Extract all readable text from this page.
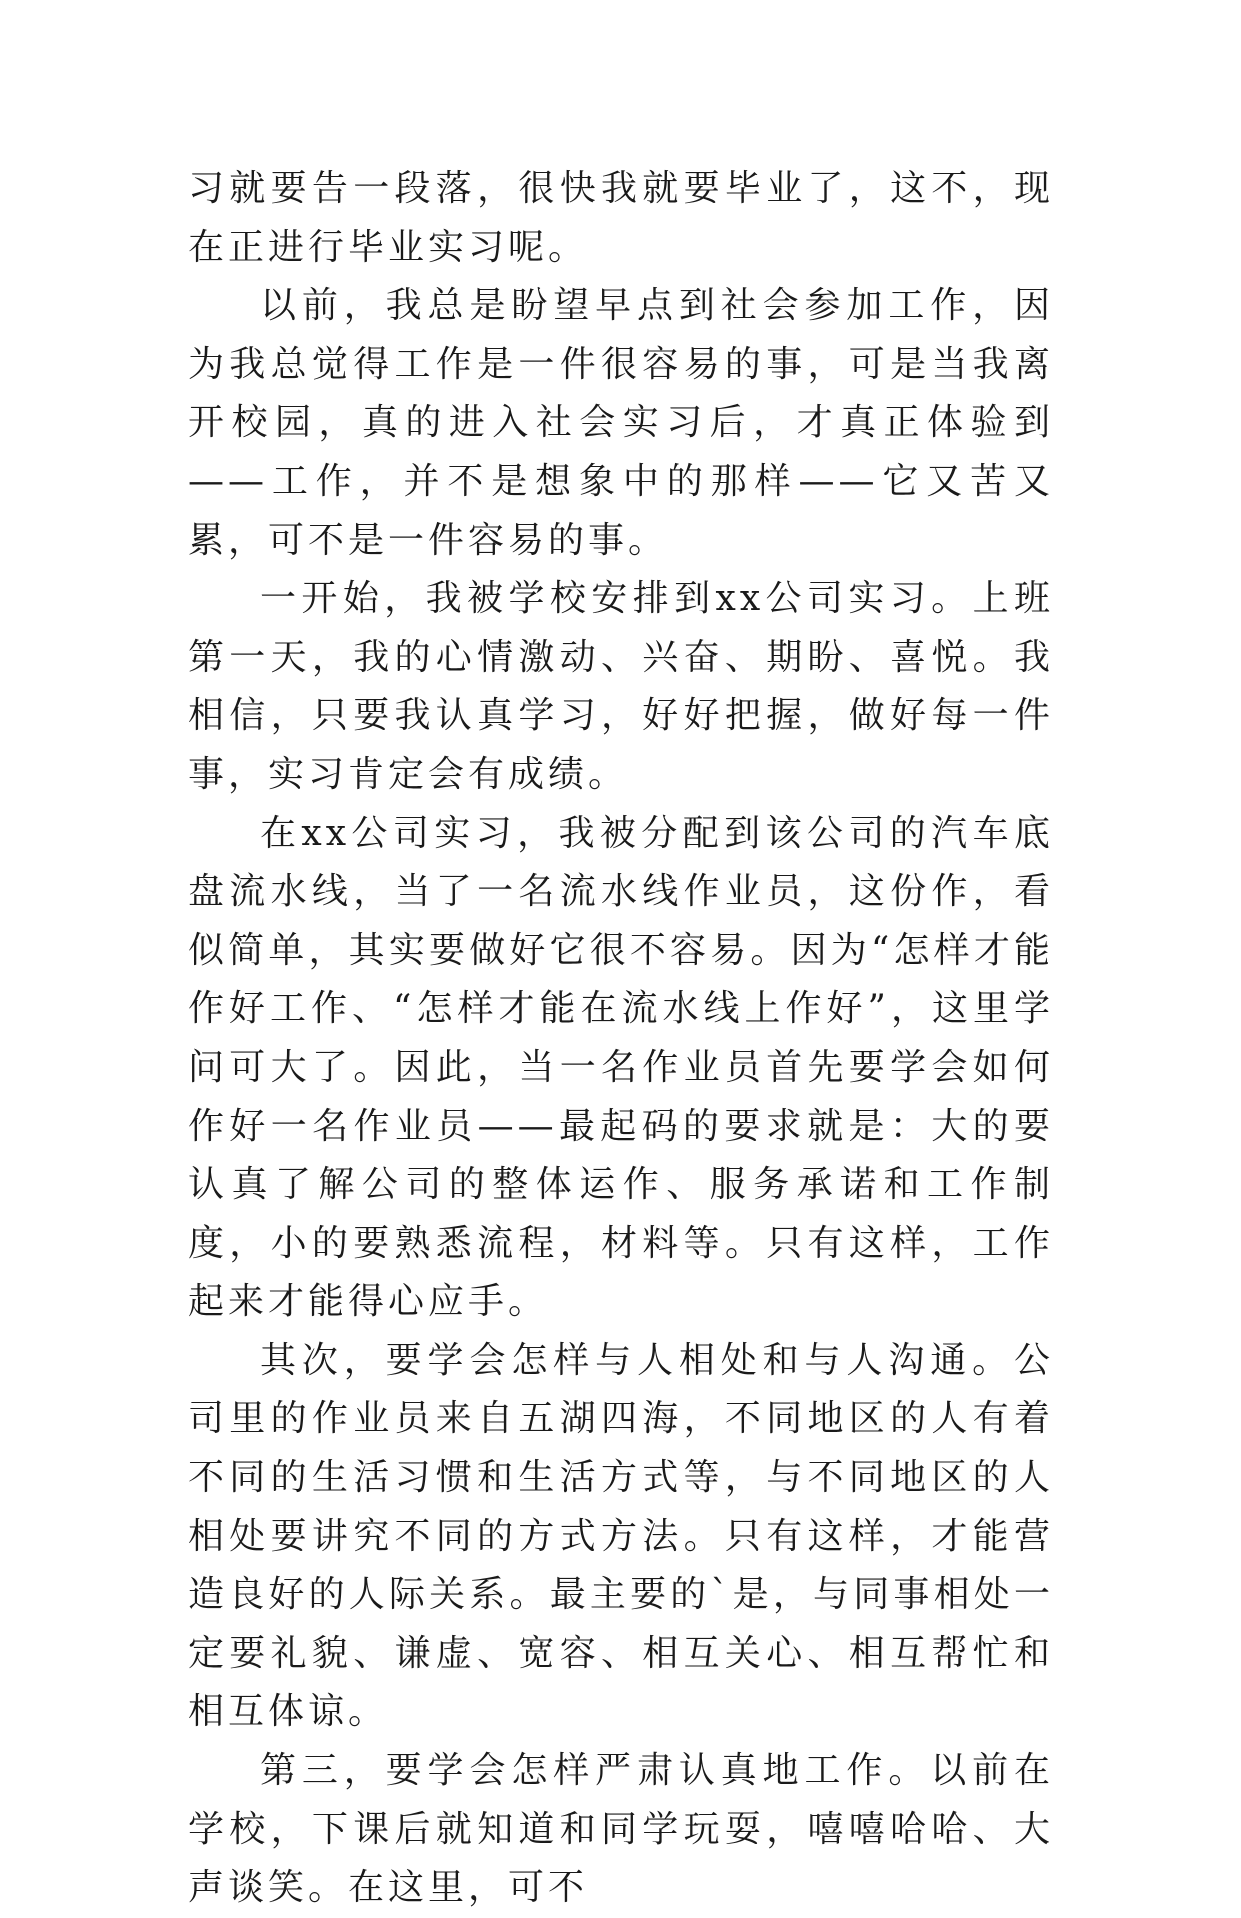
习就要告一段落，很快我就要毕业了，这不，现在正进行毕业实习呢。

以前，我总是盼望早点到社会参加工作，因为我总觉得工作是一件很容易的事，可是当我离开校园，真的进入社会实习后，才真正体验到——工作，并不是想象中的那样——它又苦又累，可不是一件容易的事。

一开始，我被学校安排到xx公司实习。上班第一天，我的心情激动、兴奋、期盼、喜悦。我相信，只要我认真学习，好好把握，做好每一件事，实习肯定会有成绩。

在xx公司实习，我被分配到该公司的汽车底盘流水线，当了一名流水线作业员，这份作，看似简单，其实要做好它很不容易。因为“怎样才能作好工作、“怎样才能在流水线上作好”，这里学问可大了。因此，当一名作业员首先要学会如何作好一名作业员——最起码的要求就是：大的要认真了解公司的整体运作、服务承诺和工作制度，小的要熟悉流程，材料等。只有这样，工作起来才能得心应手。

其次，要学会怎样与人相处和与人沟通。公司里的作业员来自五湖四海，不同地区的人有着不同的生活习惯和生活方式等，与不同地区的人相处要讲究不同的方式方法。只有这样，才能营造良好的人际关系。最主要的`是，与同事相处一定要礼貌、谦虚、宽容、相互关心、相互帮忙和相互体谅。

第三，要学会怎样严肃认真地工作。以前在学校，下课后就知道和同学玩耍，嘻嘻哈哈、大声谈笑。在这里，可不
